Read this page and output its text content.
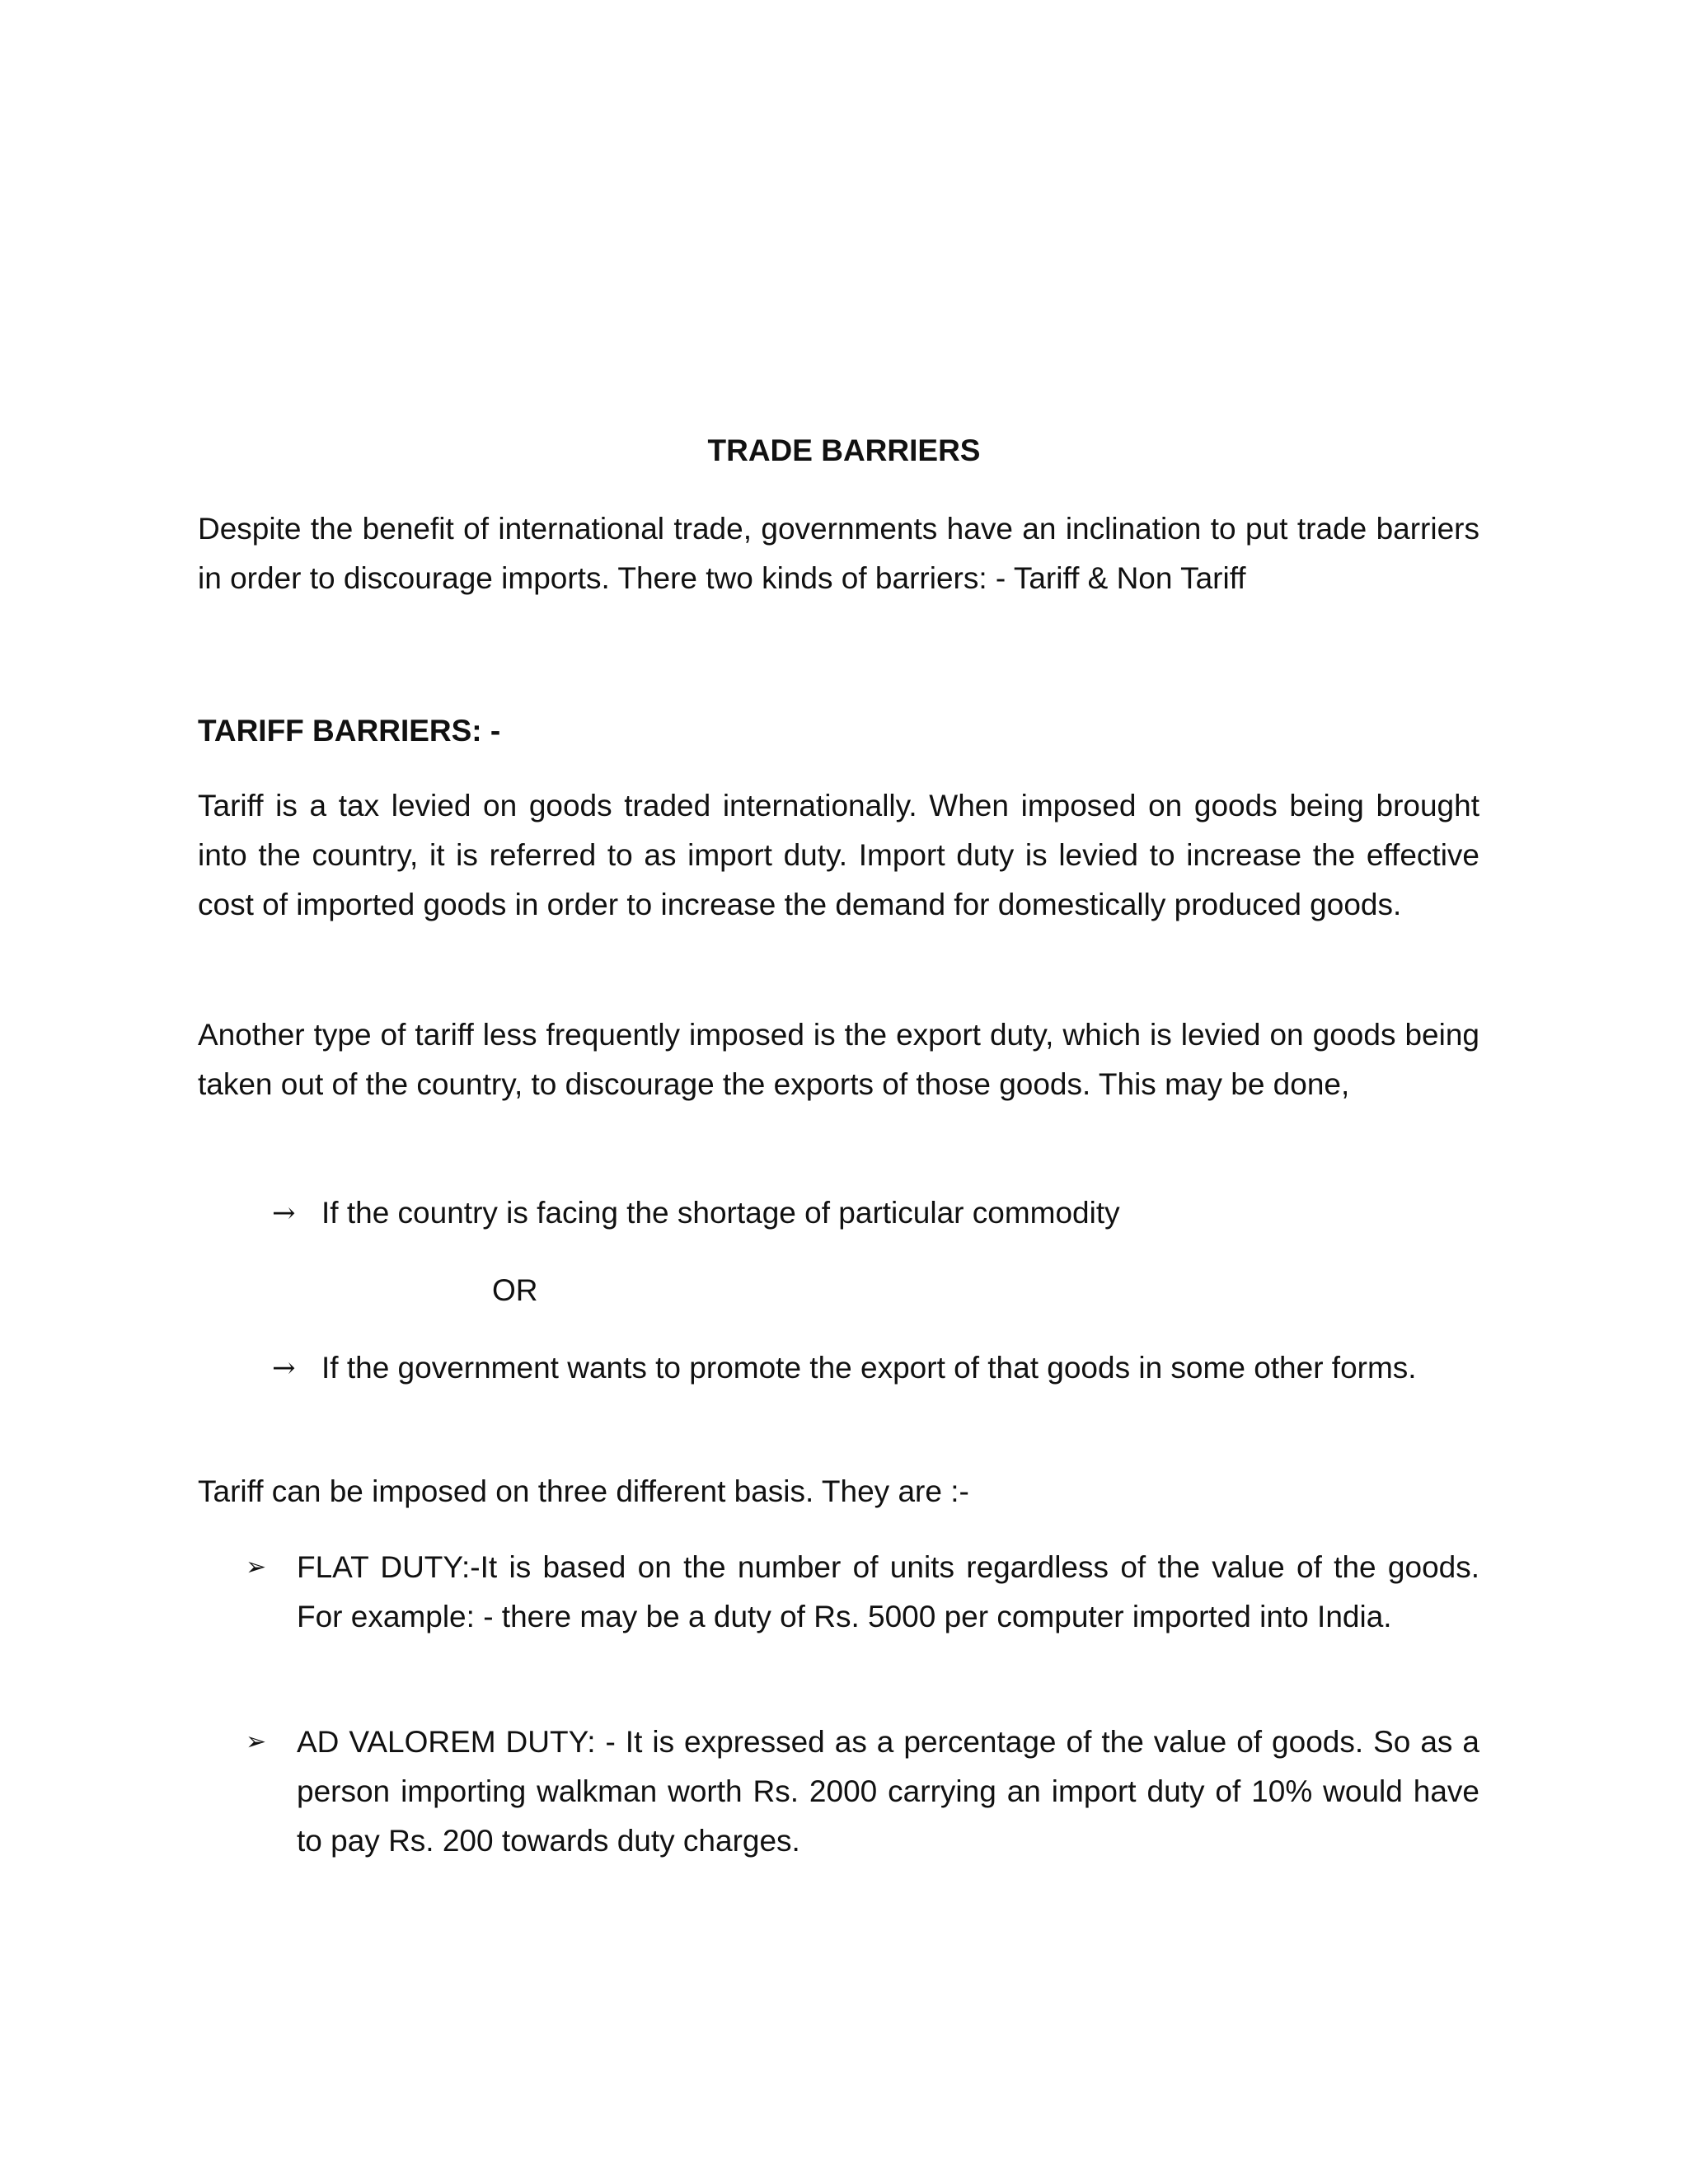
TRADE BARRIERS
Despite the benefit of international trade, governments have an inclination to put trade barriers in order to discourage imports. There two kinds of barriers: - Tariff & Non Tariff
TARIFF BARRIERS: -
Tariff is a tax levied on goods traded internationally. When imposed on goods being brought into the country, it is referred to as import duty. Import duty is levied to increase the effective cost of imported goods in order to increase the demand for domestically produced goods.
Another type of tariff less frequently imposed is the export duty, which is levied on goods being taken out of the country, to discourage the exports of those goods. This may be done,
→ If the country is facing the shortage of particular commodity
OR
→ If the government wants to promote the export of that goods in some other forms.
Tariff can be imposed on three different basis. They are :-
➢ FLAT DUTY:-It is based on the number of units regardless of the value of the goods. For example: - there may be a duty of Rs. 5000 per computer imported into India.
➢ AD VALOREM DUTY: - It is expressed as a percentage of the value of goods. So as a person importing walkman worth Rs. 2000 carrying an import duty of 10% would have to pay Rs. 200 towards duty charges.
